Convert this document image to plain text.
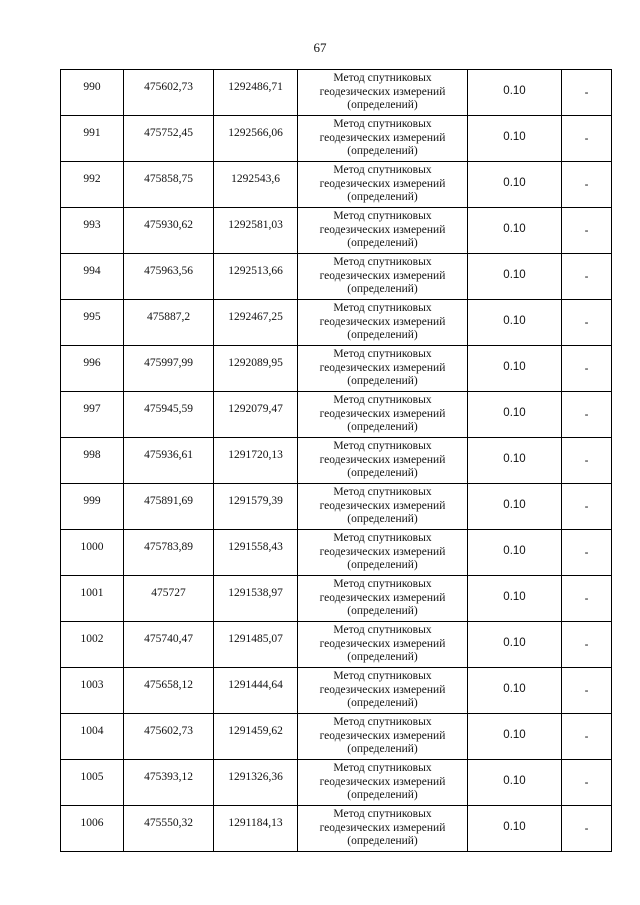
67
990	475602,73	1292486,71	Метод спутниковых
геодезических измерений
(определений)	0.10	-
991	475752,45	1292566,06	Метод спутниковых
геодезических измерений
(определений)	0.10	-
992	475858,75	1292543,6	Метод спутниковых
геодезических измерений
(определений)	0.10	-
993	475930,62	1292581,03	Метод спутниковых
геодезических измерений
(определений)	0.10	-
994	475963,56	1292513,66	Метод спутниковых
геодезических измерений
(определений)	0.10	-
995	475887,2	1292467,25	Метод спутниковых
геодезических измерений
(определений)	0.10	-
996	475997,99	1292089,95	Метод спутниковых
геодезических измерений
(определений)	0.10	-
997	475945,59	1292079,47	Метод спутниковых
геодезических измерений
(определений)	0.10	-
998	475936,61	1291720,13	Метод спутниковых
геодезических измерений
(определений)	0.10	-
999	475891,69	1291579,39	Метод спутниковых
геодезических измерений
(определений)	0.10	-
1000	475783,89	1291558,43	Метод спутниковых
геодезических измерений
(определений)	0.10	-
1001	475727	1291538,97	Метод спутниковых
геодезических измерений
(определений)	0.10	-
1002	475740,47	1291485,07	Метод спутниковых
геодезических измерений
(определений)	0.10	-
1003	475658,12	1291444,64	Метод спутниковых
геодезических измерений
(определений)	0.10	-
1004	475602,73	1291459,62	Метод спутниковых
геодезических измерений
(определений)	0.10	-
1005	475393,12	1291326,36	Метод спутниковых
геодезических измерений
(определений)	0.10	-
1006	475550,32	1291184,13	Метод спутниковых
геодезических измерений
(определений)	0.10	-
